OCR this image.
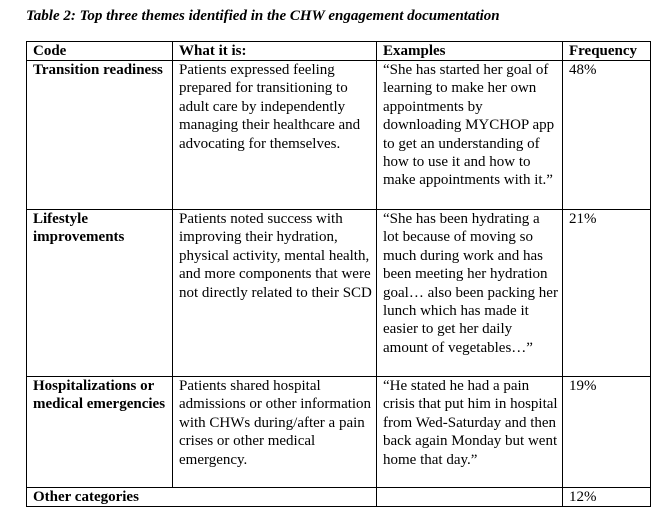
Table 2: Top three themes identified in the CHW engagement documentation
Code	What it is:	Examples	Frequency
Transition readiness	Patients expressed feeling prepared for transitioning to adult care by independently managing their healthcare and advocating for themselves.	“She has started her goal of learning to make her own appointments by downloading MYCHOP app to get an understanding of how to use it and how to make appointments with it.”	48%
Lifestyle improvements	Patients noted success with improving their hydration, physical activity, mental health, and more components that were not directly related to their SCD	“She has been hydrating a lot because of moving so much during work and has been meeting her hydration goal… also been packing her lunch which has made it easier to get her daily amount of vegetables…”	21%
Hospitalizations or medical emergencies	Patients shared hospital admissions or other information with CHWs during/after a pain crises or other medical emergency.	“He stated he had a pain crisis that put him in hospital from Wed-Saturday and then back again Monday but went home that day.”	19%
Other categories			12%
